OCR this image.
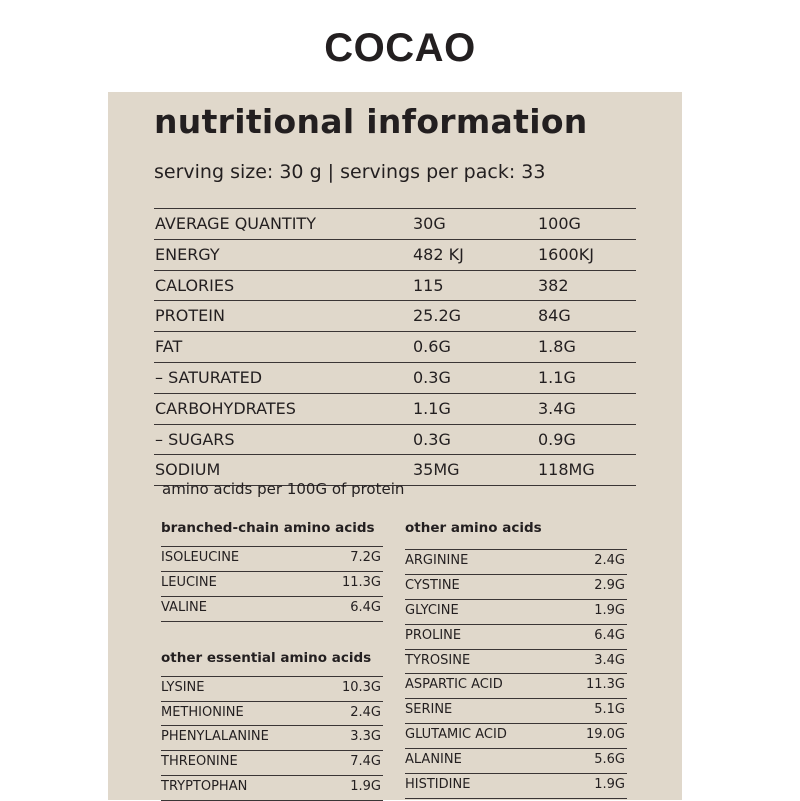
COCAO
nutritional information
serving size: 30 g | servings per pack: 33
AVERAGE QUANTITY	30G	100G
ENERGY	482 KJ	1600KJ
CALORIES	115	382
PROTEIN	25.2G	84G
FAT	0.6G	1.8G
– SATURATED	0.3G	1.1G
CARBOHYDRATES	1.1G	3.4G
– SUGARS	0.3G	0.9G
SODIUM	35MG	118MG
amino acids per 100G of protein
branched-chain amino acids
ISOLEUCINE	7.2G
LEUCINE	11.3G
VALINE	6.4G
other essential amino acids
LYSINE	10.3G
METHIONINE	2.4G
PHENYLALANINE	3.3G
THREONINE	7.4G
TRYPTOPHAN	1.9G
other amino acids
ARGININE	2.4G
CYSTINE	2.9G
GLYCINE	1.9G
PROLINE	6.4G
TYROSINE	3.4G
ASPARTIC ACID	11.3G
SERINE	5.1G
GLUTAMIC ACID	19.0G
ALANINE	5.6G
HISTIDINE	1.9G
